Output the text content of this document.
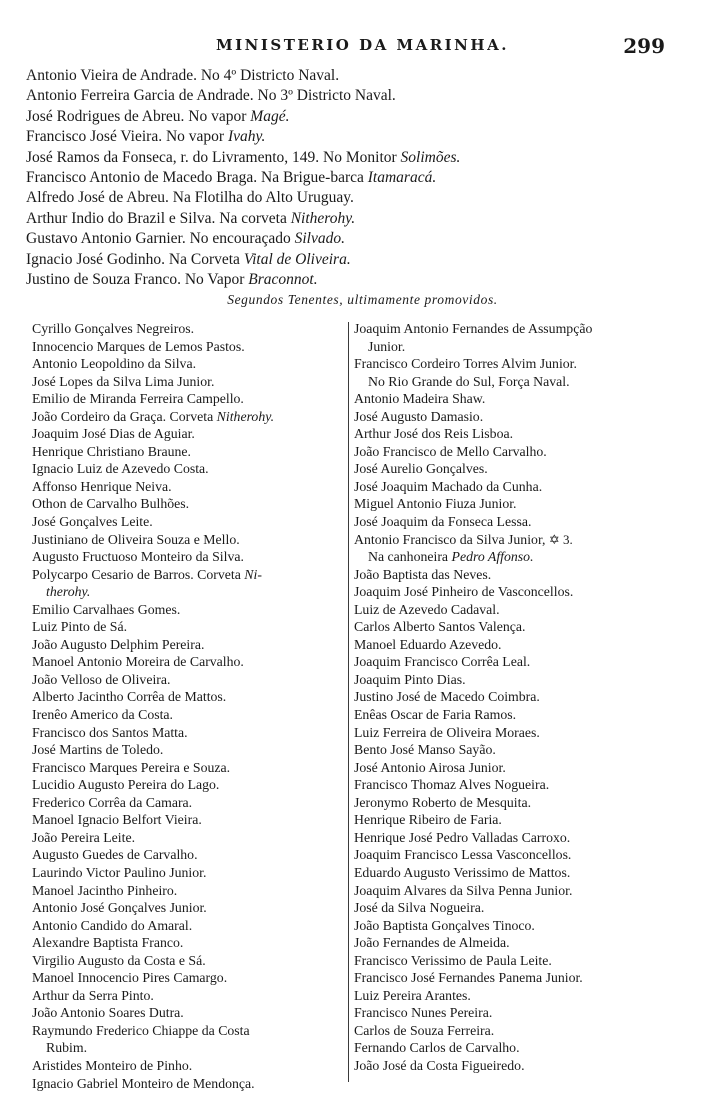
MINISTERIO DA MARINHA.	299
Antonio Vieira de Andrade. No 4º Districto Naval.
Antonio Ferreira Garcia de Andrade. No 3º Districto Naval.
José Rodrigues de Abreu. No vapor Magé.
Francisco José Vieira. No vapor Ivahy.
José Ramos da Fonseca, r. do Livramento, 149. No Monitor Solimões.
Francisco Antonio de Macedo Braga. Na Brigue-barca Itamaracá.
Alfredo José de Abreu. Na Flotilha do Alto Uruguay.
Arthur Indio do Brazil e Silva. Na corveta Nitherohy.
Gustavo Antonio Garnier. No encouraçado Silvado.
Ignacio José Godinho. Na Corveta Vital de Oliveira.
Justino de Souza Franco. No Vapor Braconnot.
Segundos Tenentes, ultimamente promovidos.
Cyrillo Gonçalves Negreiros.
Innocencio Marques de Lemos Pastos.
Antonio Leopoldino da Silva.
José Lopes da Silva Lima Junior.
Emilio de Miranda Ferreira Campello.
João Cordeiro da Graça. Corveta Nitherohy.
Joaquim José Dias de Aguiar.
Henrique Christiano Braune.
Ignacio Luiz de Azevedo Costa.
Affonso Henrique Neiva.
Othon de Carvalho Bulhões.
José Gonçalves Leite.
Justiniano de Oliveira Souza e Mello.
Augusto Fructuoso Monteiro da Silva.
Polycarpo Cesario de Barros. Corveta Ni-
therohy.
Emilio Carvalhaes Gomes.
Luiz Pinto de Sá.
João Augusto Delphim Pereira.
Manoel Antonio Moreira de Carvalho.
João Velloso de Oliveira.
Alberto Jacintho Corrêa de Mattos.
Irenêo Americo da Costa.
Francisco dos Santos Matta.
José Martins de Toledo.
Francisco Marques Pereira e Souza.
Lucidio Augusto Pereira do Lago.
Frederico Corrêa da Camara.
Manoel Ignacio Belfort Vieira.
João Pereira Leite.
Augusto Guedes de Carvalho.
Laurindo Victor Paulino Junior.
Manoel Jacintho Pinheiro.
Antonio José Gonçalves Junior.
Antonio Candido do Amaral.
Alexandre Baptista Franco.
Virgilio Augusto da Costa e Sá.
Manoel Innocencio Pires Camargo.
Arthur da Serra Pinto.
João Antonio Soares Dutra.
Raymundo Frederico Chiappe da Costa
Rubim.
Aristides Monteiro de Pinho.
Ignacio Gabriel Monteiro de Mendonça.
Joaquim Antonio Fernandes de Assumpção
Junior.
Francisco Cordeiro Torres Alvim Junior.
No Rio Grande do Sul, Força Naval.
Antonio Madeira Shaw.
José Augusto Damasio.
Arthur José dos Reis Lisboa.
João Francisco de Mello Carvalho.
José Aurelio Gonçalves.
José Joaquim Machado da Cunha.
Miguel Antonio Fiuza Junior.
José Joaquim da Fonseca Lessa.
Antonio Francisco da Silva Junior, ✡ 3.
Na canhoneira Pedro Affonso.
João Baptista das Neves.
Joaquim José Pinheiro de Vasconcellos.
Luiz de Azevedo Cadaval.
Carlos Alberto Santos Valença.
Manoel Eduardo Azevedo.
Joaquim Francisco Corrêa Leal.
Joaquim Pinto Dias.
Justino José de Macedo Coimbra.
Enêas Oscar de Faria Ramos.
Luiz Ferreira de Oliveira Moraes.
Bento José Manso Sayão.
José Antonio Airosa Junior.
Francisco Thomaz Alves Nogueira.
Jeronymo Roberto de Mesquita.
Henrique Ribeiro de Faria.
Henrique José Pedro Valladas Carroxo.
Joaquim Francisco Lessa Vasconcellos.
Eduardo Augusto Verissimo de Mattos.
Joaquim Alvares da Silva Penna Junior.
José da Silva Nogueira.
João Baptista Gonçalves Tinoco.
João Fernandes de Almeida.
Francisco Verissimo de Paula Leite.
Francisco José Fernandes Panema Junior.
Luiz Pereira Arantes.
Francisco Nunes Pereira.
Carlos de Souza Ferreira.
Fernando Carlos de Carvalho.
João José da Costa Figueiredo.
